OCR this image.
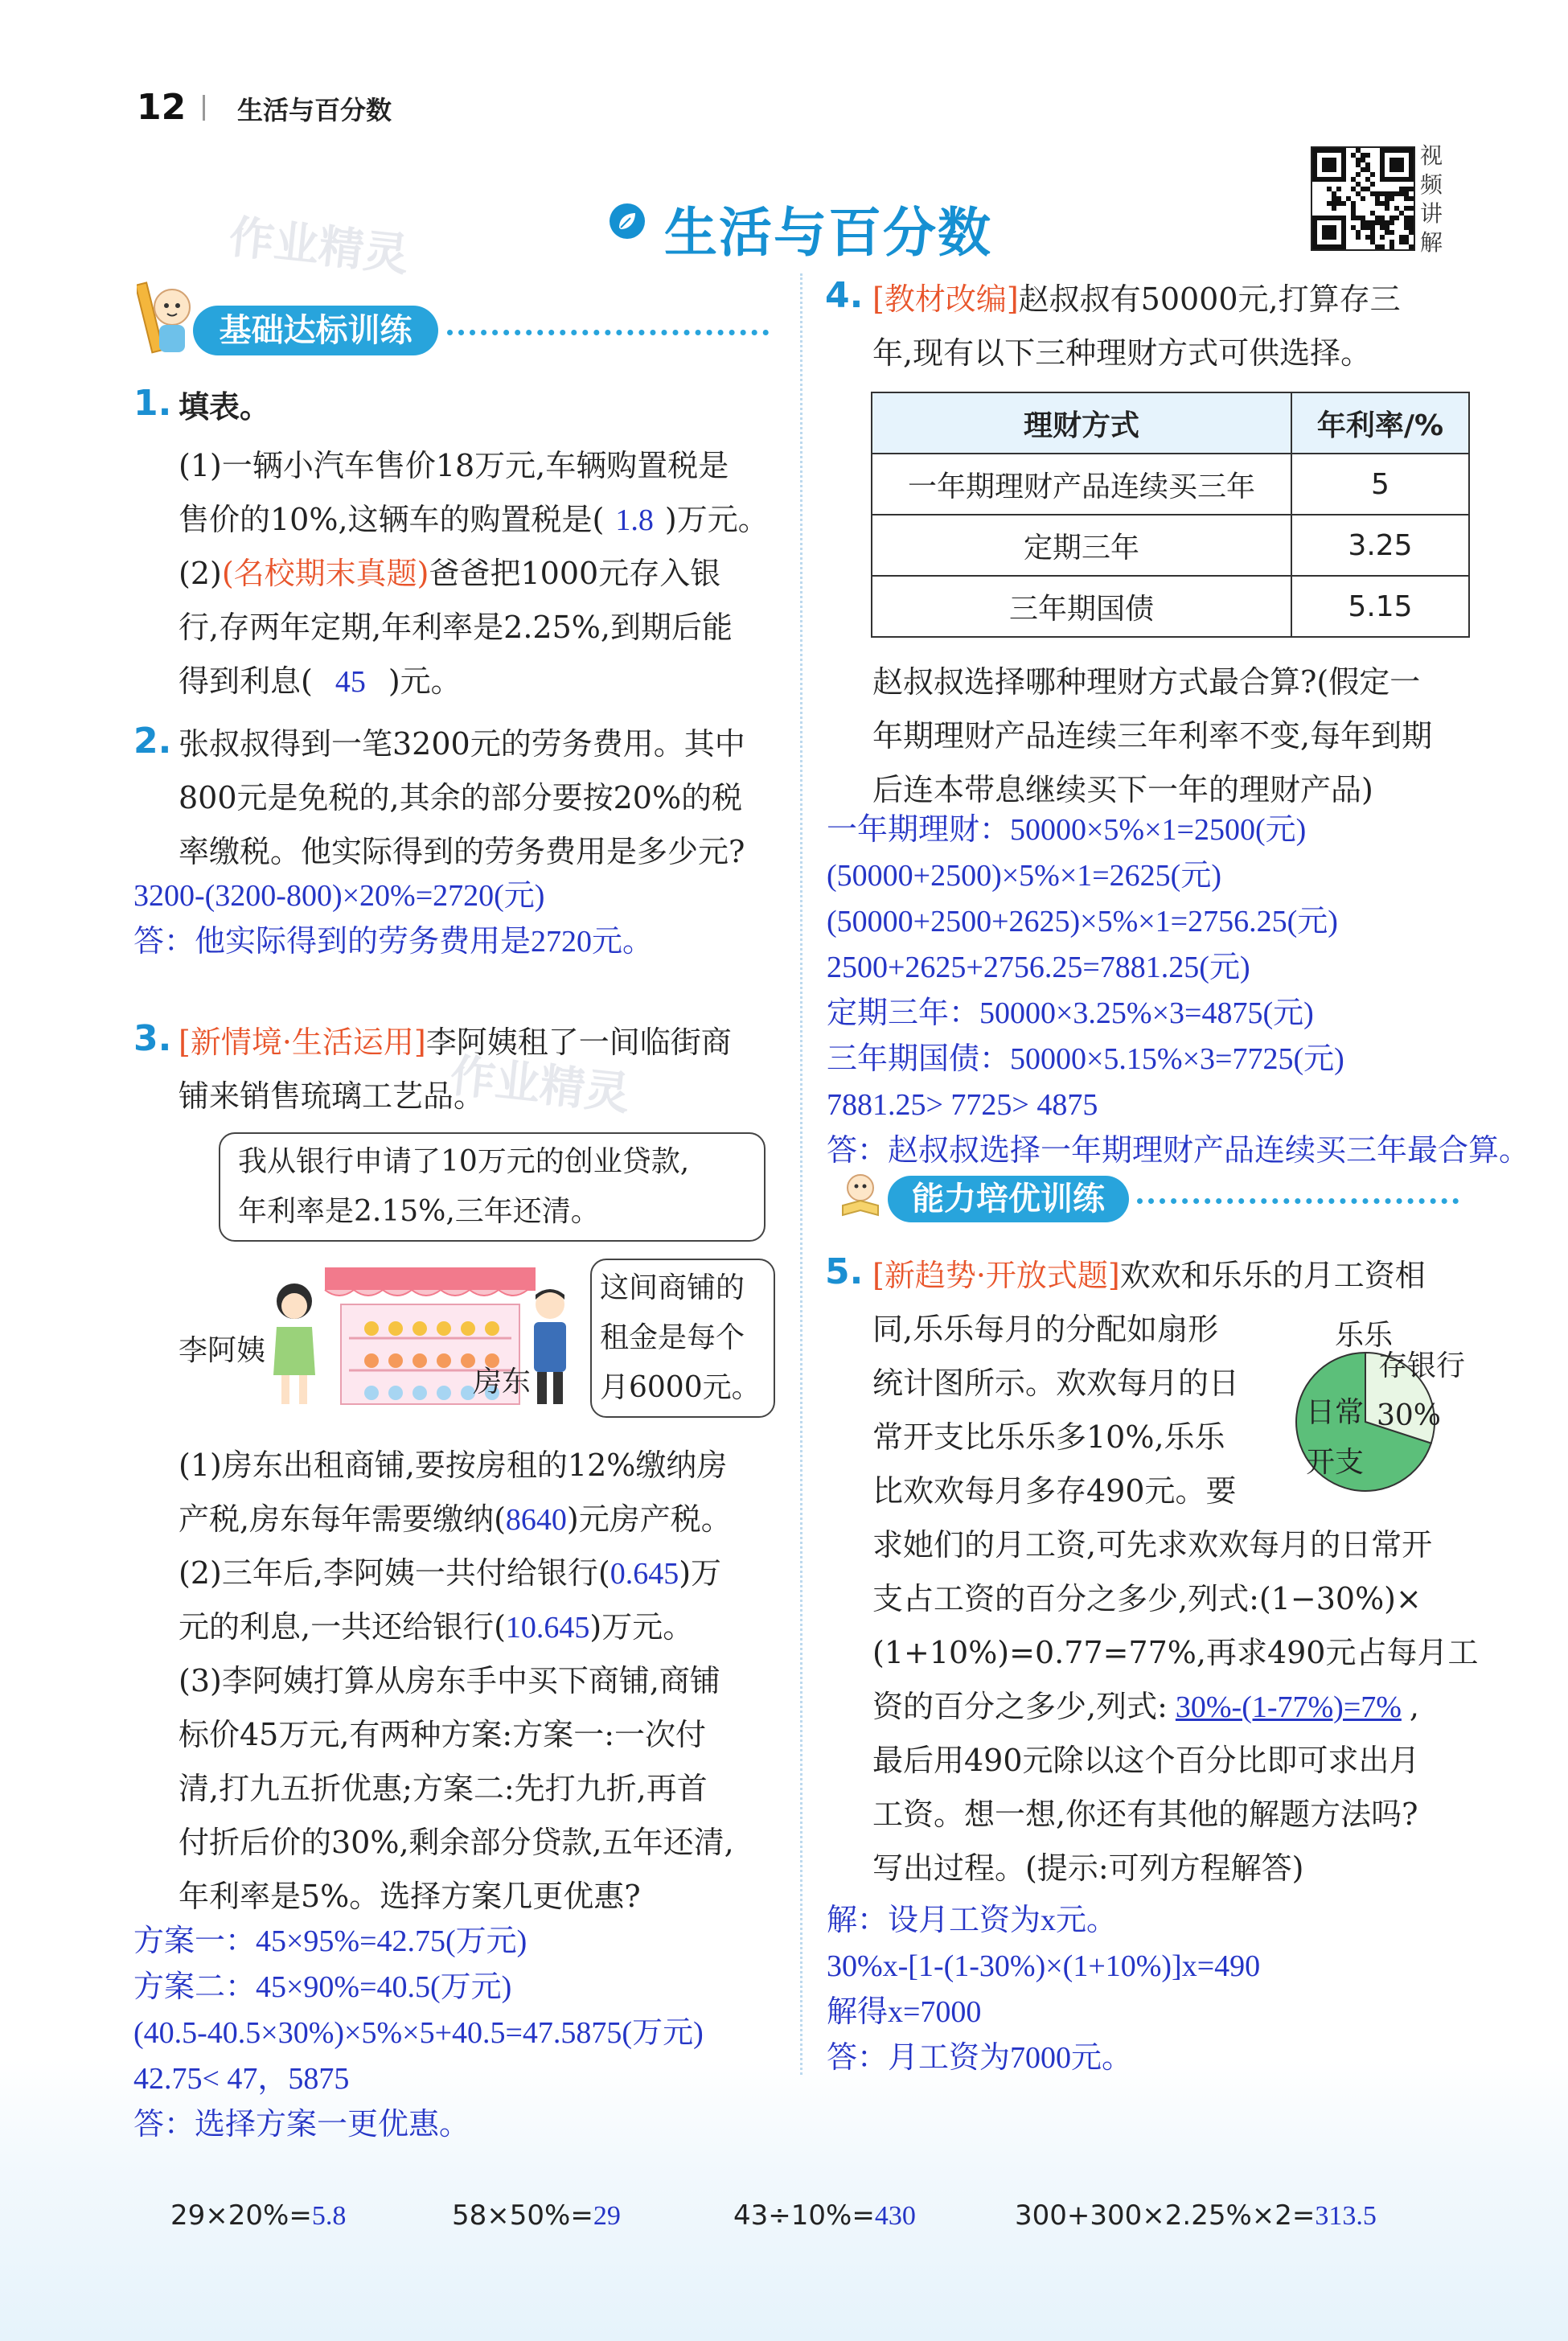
12 生活与百分数
生活与百分数
视
频
讲
解
作业精灵
作业精灵
基础达标训练
1. 填表。
(1)一辆小汽车售价18万元,车辆购置税是
售价的10%,这辆车的购置税是( 1.8 )万元。
(2)(名校期末真题)爸爸把1000元存入银
行,存两年定期,年利率是2.25%,到期后能
得到利息( 45 )元。
2. 张叔叔得到一笔3200元的劳务费用。其中
800元是免税的,其余的部分要按20%的税
率缴税。他实际得到的劳务费用是多少元?
3200-(3200-800)×20%=2720(元)
答：他实际得到的劳务费用是2720元。
3. [新情境·生活运用]李阿姨租了一间临街商
铺来销售琉璃工艺品。
我从银行申请了10万元的创业贷款,
年利率是2.15%,三年还清。
李阿姨
房东
这间商铺的
租金是每个
月6000元。
(1)房东出租商铺,要按房租的12%缴纳房
产税,房东每年需要缴纳(8640)元房产税。
(2)三年后,李阿姨一共付给银行(0.645)万
元的利息,一共还给银行(10.645)万元。
(3)李阿姨打算从房东手中买下商铺,商铺
标价45万元,有两种方案:方案一:一次付
清,打九五折优惠;方案二:先打九折,再首
付折后价的30%,剩余部分贷款,五年还清,
年利率是5%。选择方案几更优惠?
方案一：45×95%=42.75(万元)
方案二：45×90%=40.5(万元)
(40.5-40.5×30%)×5%×5+40.5=47.5875(万元)
42.75< 47，5875
答：选择方案一更优惠。
4. [教材改编]赵叔叔有50000元,打算存三
年,现有以下三种理财方式可供选择。
理财方式	年利率/%
一年期理财产品连续买三年	5
定期三年	3.25
三年期国债	5.15
赵叔叔选择哪种理财方式最合算?(假定一
年期理财产品连续三年利率不变,每年到期
后连本带息继续买下一年的理财产品)
一年期理财：50000×5%×1=2500(元)
(50000+2500)×5%×1=2625(元)
(50000+2500+2625)×5%×1=2756.25(元)
2500+2625+2756.25=7881.25(元)
定期三年：50000×3.25%×3=4875(元)
三年期国债：50000×5.15%×3=7725(元)
7881.25> 7725> 4875
答：赵叔叔选择一年期理财产品连续买三年最合算。
能力培优训练
5. [新趋势·开放式题]欢欢和乐乐的月工资相
同,乐乐每月的分配如扇形
统计图所示。欢欢每月的日
常开支比乐乐多10%,乐乐
比欢欢每月多存490元。要
求她们的月工资,可先求欢欢每月的日常开
支占工资的百分之多少,列式:(1−30%)×
(1+10%)=0.77=77%,再求490元占每月工
资的百分之多少,列式: 30%-(1-77%)=7% ,
最后用490元除以这个百分比即可求出月
工资。想一想,你还有其他的解题方法吗?
写出过程。(提示:可列方程解答)
解：设月工资为x元。
30%x-[1-(1-30%)×(1+10%)]x=490
解得x=7000
答：月工资为7000元。
乐乐
存银行
30%
日常
开支
29×20%=5.8	58×50%=29	43÷10%=430	300+300×2.25%×2=313.5
